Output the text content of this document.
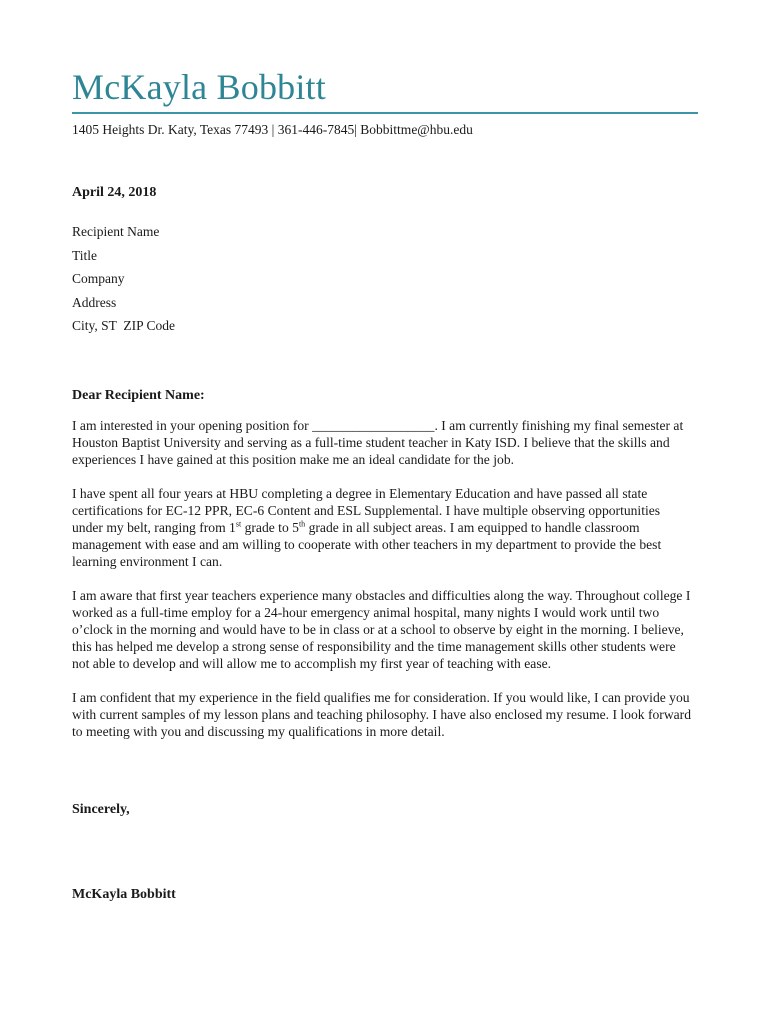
McKayla Bobbitt
1405 Heights Dr. Katy, Texas 77493 | 361-446-7845| Bobbittme@hbu.edu
April 24, 2018
Recipient Name
Title
Company
Address
City, ST  ZIP Code
Dear Recipient Name:

I am interested in your opening position for __________________. I am currently finishing my final semester at Houston Baptist University and serving as a full-time student teacher in Katy ISD. I believe that the skills and experiences I have gained at this position make me an ideal candidate for the job.

I have spent all four years at HBU completing a degree in Elementary Education and have passed all state certifications for EC-12 PPR, EC-6 Content and ESL Supplemental. I have multiple observing opportunities under my belt, ranging from 1st grade to 5th grade in all subject areas. I am equipped to handle classroom management with ease and am willing to cooperate with other teachers in my department to provide the best learning environment I can.

I am aware that first year teachers experience many obstacles and difficulties along the way. Throughout college I worked as a full-time employ for a 24-hour emergency animal hospital, many nights I would work until two o’clock in the morning and would have to be in class or at a school to observe by eight in the morning. I believe, this has helped me develop a strong sense of responsibility and the time management skills other students were not able to develop and will allow me to accomplish my first year of teaching with ease.

I am confident that my experience in the field qualifies me for consideration. If you would like, I can provide you with current samples of my lesson plans and teaching philosophy. I have also enclosed my resume. I look forward to meeting with you and discussing my qualifications in more detail.

Sincerely,
McKayla Bobbitt
